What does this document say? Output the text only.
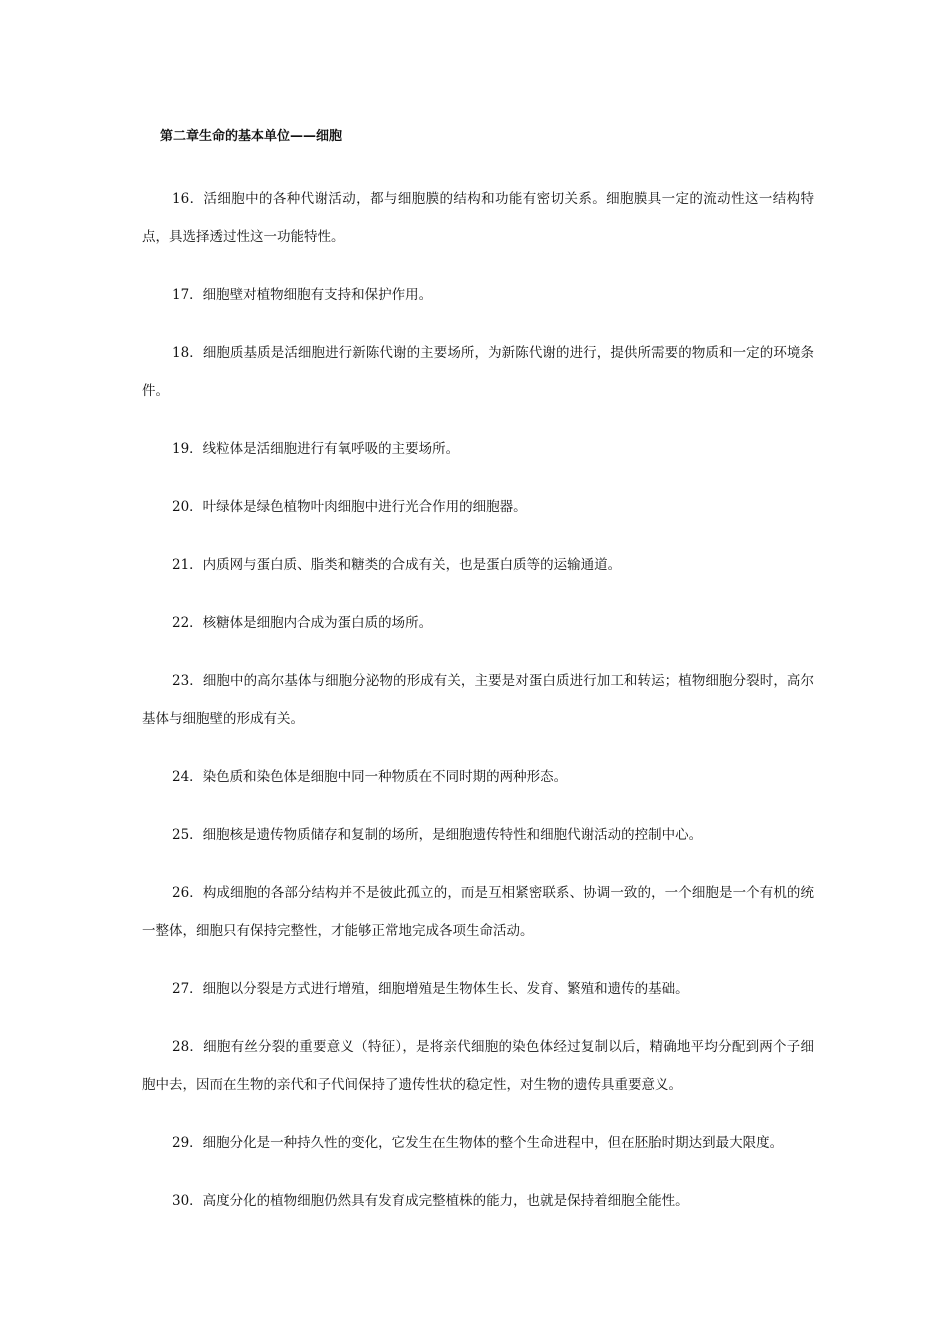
第二章生命的基本单位——细胞

16．活细胞中的各种代谢活动，都与细胞膜的结构和功能有密切关系。细胞膜具一定的流动性这一结构特点，具选择透过性这一功能特性。

17．细胞壁对植物细胞有支持和保护作用。

18．细胞质基质是活细胞进行新陈代谢的主要场所，为新陈代谢的进行，提供所需要的物质和一定的环境条件。

19．线粒体是活细胞进行有氧呼吸的主要场所。

20．叶绿体是绿色植物叶肉细胞中进行光合作用的细胞器。

21．内质网与蛋白质、脂类和糖类的合成有关，也是蛋白质等的运输通道。

22．核糖体是细胞内合成为蛋白质的场所。

23．细胞中的高尔基体与细胞分泌物的形成有关，主要是对蛋白质进行加工和转运；植物细胞分裂时，高尔基体与细胞壁的形成有关。

24．染色质和染色体是细胞中同一种物质在不同时期的两种形态。

25．细胞核是遗传物质储存和复制的场所，是细胞遗传特性和细胞代谢活动的控制中心。

26．构成细胞的各部分结构并不是彼此孤立的，而是互相紧密联系、协调一致的，一个细胞是一个有机的统一整体，细胞只有保持完整性，才能够正常地完成各项生命活动。

27．细胞以分裂是方式进行增殖，细胞增殖是生物体生长、发育、繁殖和遗传的基础。

28．细胞有丝分裂的重要意义（特征），是将亲代细胞的染色体经过复制以后，精确地平均分配到两个子细胞中去，因而在生物的亲代和子代间保持了遗传性状的稳定性，对生物的遗传具重要意义。

29．细胞分化是一种持久性的变化，它发生在生物体的整个生命进程中，但在胚胎时期达到最大限度。

30．高度分化的植物细胞仍然具有发育成完整植株的能力，也就是保持着细胞全能性。
